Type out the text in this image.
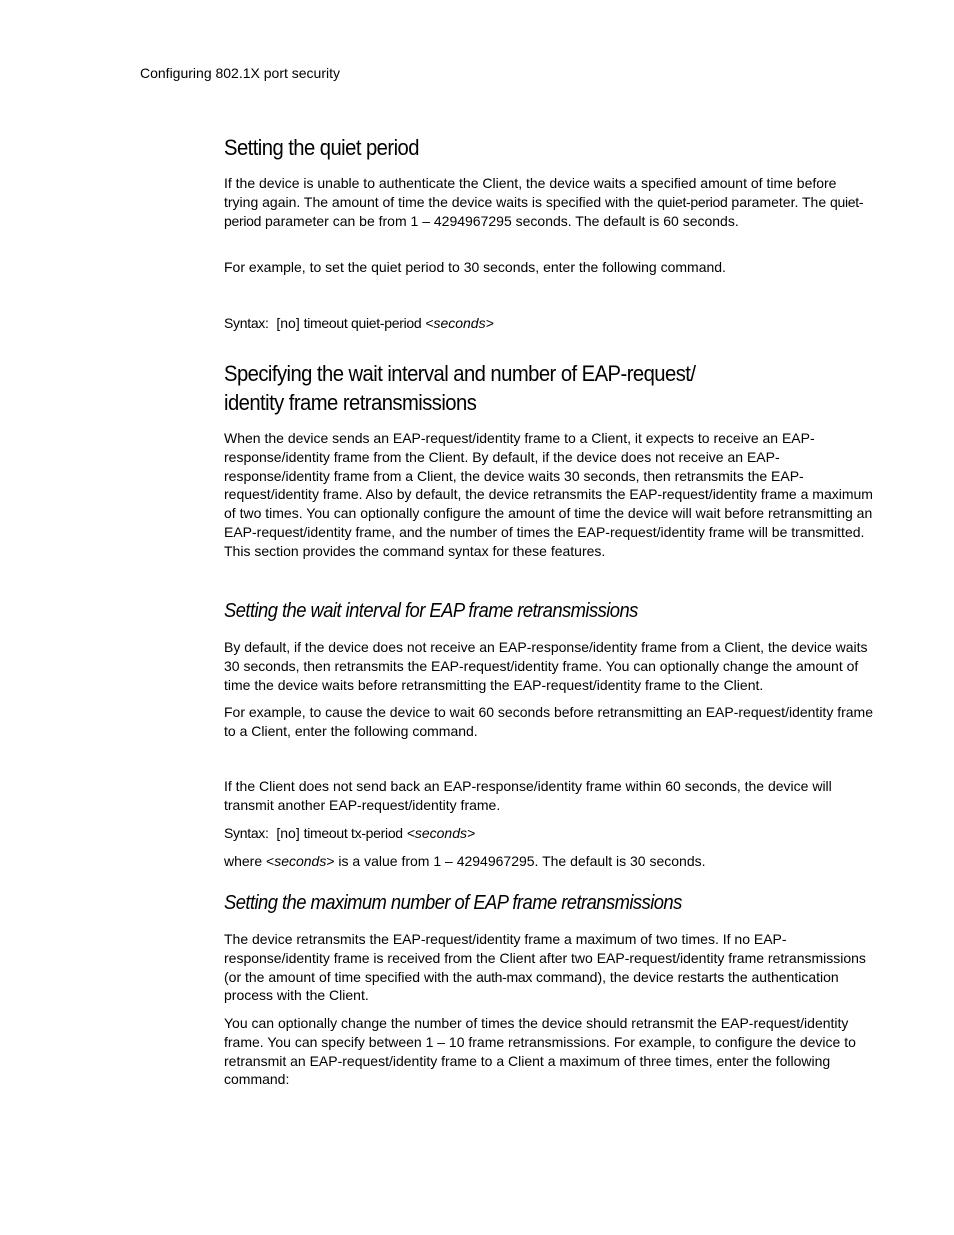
Configuring 802.1X port security
Setting the quiet period

If the device is unable to authenticate the Client, the device waits a specified amount of time before trying again. The amount of time the device waits is specified with the quiet-period parameter. The quiet-period parameter can be from 1 – 4294967295 seconds. The default is 60 seconds.

For example, to set the quiet period to 30 seconds, enter the following command.

Syntax: [no] timeout quiet-period <seconds>

Specifying the wait interval and number of EAP-request/
identity frame retransmissions

When the device sends an EAP-request/identity frame to a Client, it expects to receive an EAP-response/identity frame from the Client. By default, if the device does not receive an EAP-response/identity frame from a Client, the device waits 30 seconds, then retransmits the EAP-request/identity frame. Also by default, the device retransmits the EAP-request/identity frame a maximum of two times. You can optionally configure the amount of time the device will wait before retransmitting an EAP-request/identity frame, and the number of times the EAP-request/identity frame will be transmitted. This section provides the command syntax for these features.

Setting the wait interval for EAP frame retransmissions

By default, if the device does not receive an EAP-response/identity frame from a Client, the device waits 30 seconds, then retransmits the EAP-request/identity frame. You can optionally change the amount of time the device waits before retransmitting the EAP-request/identity frame to the Client.

For example, to cause the device to wait 60 seconds before retransmitting an EAP-request/identity frame to a Client, enter the following command.

If the Client does not send back an EAP-response/identity frame within 60 seconds, the device will transmit another EAP-request/identity frame.

Syntax: [no] timeout tx-period <seconds>

where <seconds> is a value from 1 – 4294967295. The default is 30 seconds.

Setting the maximum number of EAP frame retransmissions

The device retransmits the EAP-request/identity frame a maximum of two times. If no EAP-response/identity frame is received from the Client after two EAP-request/identity frame retransmissions (or the amount of time specified with the auth-max command), the device restarts the authentication process with the Client.

You can optionally change the number of times the device should retransmit the EAP-request/identity frame. You can specify between 1 – 10 frame retransmissions. For example, to configure the device to retransmit an EAP-request/identity frame to a Client a maximum of three times, enter the following command:
